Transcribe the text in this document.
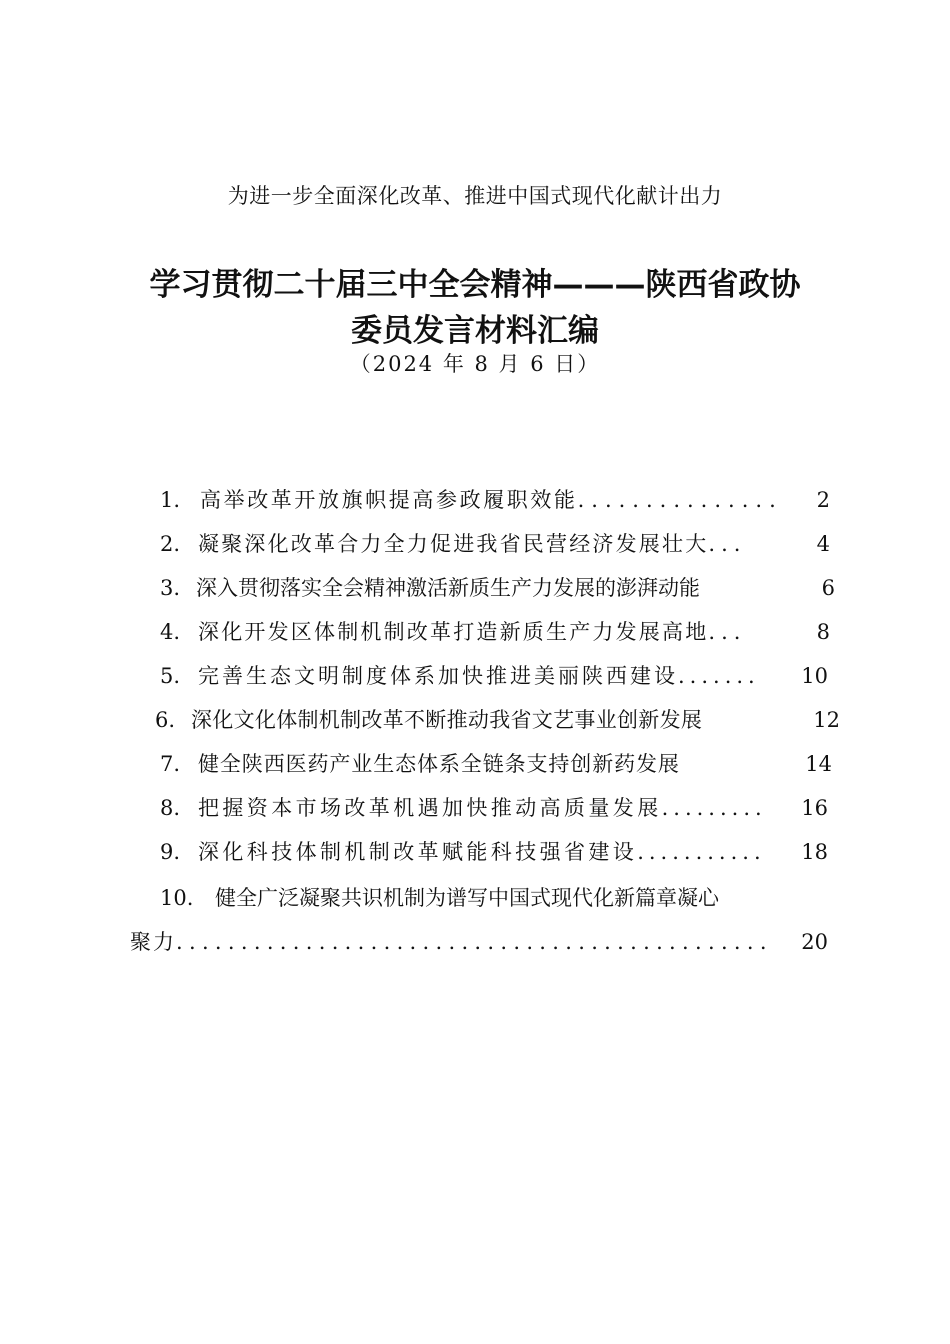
为进一步全面深化改革、推进中国式现代化献计出力
学习贯彻二十届三中全会精神———陕西省政协
委员发言材料汇编
（2024 年 8 月 6 日）
1. 高举改革开放旗帜提高参政履职效能 ...............	2
2. 凝聚深化改革合力全力促进我省民营经济发展壮大 ...	4
3. 深入贯彻落实全会精神激活新质生产力发展的澎湃动能	6
4. 深化开发区体制机制改革打造新质生产力发展高地 ...	8
5. 完善生态文明制度体系加快推进美丽陕西建设 .......	10
6. 深化文化体制机制改革不断推动我省文艺事业创新发展	12
7. 健全陕西医药产业生态体系全链条支持创新药发展	14
8. 把握资本市场改革机遇加快推动高质量发展 .........	16
9. 深化科技体制机制改革赋能科技强省建设 ...........	18
10.	健全广泛凝聚共识机制为谱写中国式现代化新篇章凝心
聚力 ..............................................	20
